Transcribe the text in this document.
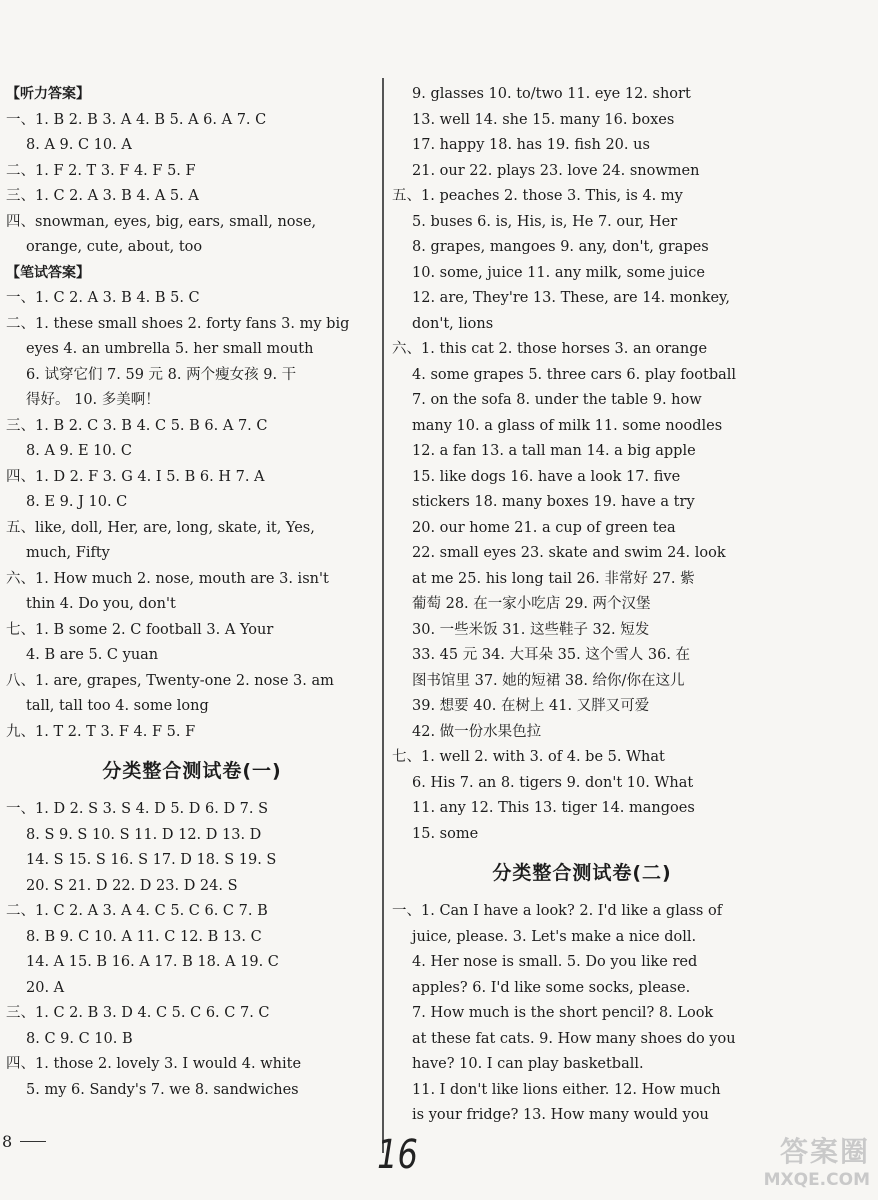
【听力答案】
一、1. B 2. B 3. A 4. B 5. A 6. A 7. C
8. A 9. C 10. A
二、1. F 2. T 3. F 4. F 5. F
三、1. C 2. A 3. B 4. A 5. A
四、snowman, eyes, big, ears, small, nose,
orange, cute, about, too
【笔试答案】
一、1. C 2. A 3. B 4. B 5. C
二、1. these small shoes 2. forty fans 3. my big
eyes 4. an umbrella 5. her small mouth
6. 试穿它们 7. 59 元 8. 两个瘦女孩 9. 干
得好。 10. 多美啊！
三、1. B 2. C 3. B 4. C 5. B 6. A 7. C
8. A 9. E 10. C
四、1. D 2. F 3. G 4. I 5. B 6. H 7. A
8. E 9. J 10. C
五、like, doll, Her, are, long, skate, it, Yes,
much, Fifty
六、1. How much 2. nose, mouth are 3. isn't
thin 4. Do you, don't
七、1. B some 2. C football 3. A Your
4. B are 5. C yuan
八、1. are, grapes, Twenty-one 2. nose 3. am
tall, tall too 4. some long
九、1. T 2. T 3. F 4. F 5. F
分类整合测试卷(一)
一、1. D 2. S 3. S 4. D 5. D 6. D 7. S
8. S 9. S 10. S 11. D 12. D 13. D
14. S 15. S 16. S 17. D 18. S 19. S
20. S 21. D 22. D 23. D 24. S
二、1. C 2. A 3. A 4. C 5. C 6. C 7. B
8. B 9. C 10. A 11. C 12. B 13. C
14. A 15. B 16. A 17. B 18. A 19. C
20. A
三、1. C 2. B 3. D 4. C 5. C 6. C 7. C
8. C 9. C 10. B
四、1. those 2. lovely 3. I would 4. white
5. my 6. Sandy's 7. we 8. sandwiches
9. glasses 10. to/two 11. eye 12. short
13. well 14. she 15. many 16. boxes
17. happy 18. has 19. fish 20. us
21. our 22. plays 23. love 24. snowmen
五、1. peaches 2. those 3. This, is 4. my
5. buses 6. is, His, is, He 7. our, Her
8. grapes, mangoes 9. any, don't, grapes
10. some, juice 11. any milk, some juice
12. are, They're 13. These, are 14. monkey,
don't, lions
六、1. this cat 2. those horses 3. an orange
4. some grapes 5. three cars 6. play football
7. on the sofa 8. under the table 9. how
many 10. a glass of milk 11. some noodles
12. a fan 13. a tall man 14. a big apple
15. like dogs 16. have a look 17. five
stickers 18. many boxes 19. have a try
20. our home 21. a cup of green tea
22. small eyes 23. skate and swim 24. look
at me 25. his long tail 26. 非常好 27. 紫
葡萄 28. 在一家小吃店 29. 两个汉堡
30. 一些米饭 31. 这些鞋子 32. 短发
33. 45 元 34. 大耳朵 35. 这个雪人 36. 在
图书馆里 37. 她的短裙 38. 给你/你在这儿
39. 想要 40. 在树上 41. 又胖又可爱
42. 做一份水果色拉
七、1. well 2. with 3. of 4. be 5. What
6. His 7. an 8. tigers 9. don't 10. What
11. any 12. This 13. tiger 14. mangoes
15. some
分类整合测试卷(二)
一、1. Can I have a look? 2. I'd like a glass of
juice, please. 3. Let's make a nice doll.
4. Her nose is small. 5. Do you like red
apples? 6. I'd like some socks, please.
7. How much is the short pencil? 8. Look
at these fat cats. 9. How many shoes do you
have? 10. I can play basketball.
11. I don't like lions either. 12. How much
is your fridge? 13. How many would you
8	16	答案圈
MXQE.COM
